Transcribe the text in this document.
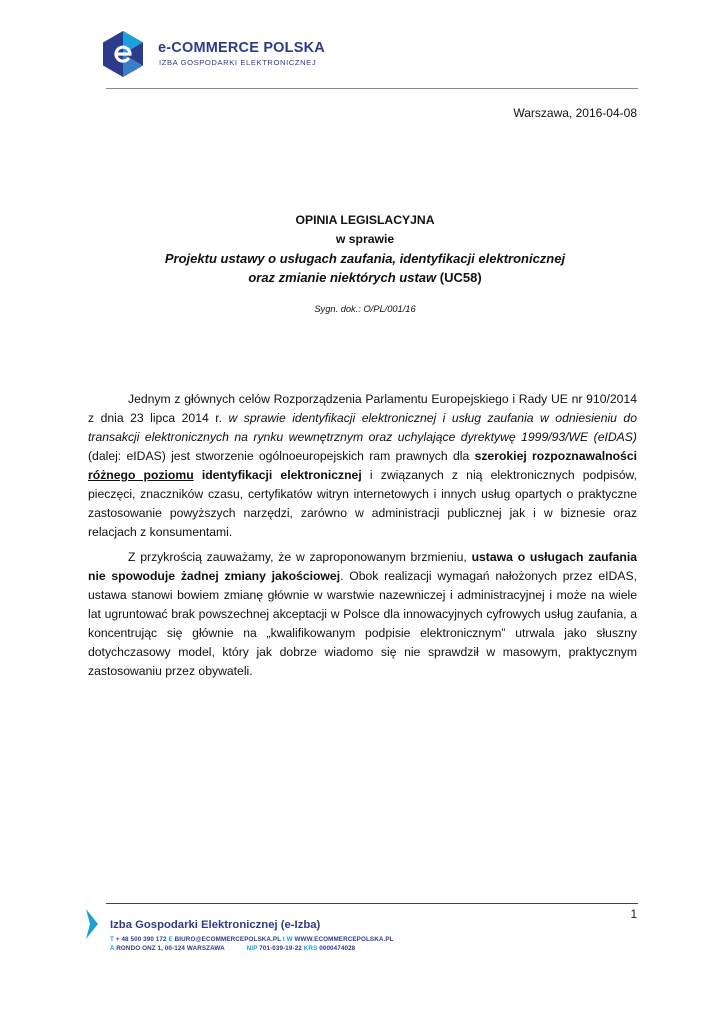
e-COMMERCE POLSKA
IZBA GOSPODARKI ELEKTRONICZNEJ
Warszawa, 2016-04-08
OPINIA LEGISLACYJNA
w sprawie
Projektu ustawy o usługach zaufania, identyfikacji elektronicznej
oraz zmianie niektórych ustaw (UC58)
Sygn. dok.: O/PL/001/16

Jednym z głównych celów Rozporządzenia Parlamentu Europejskiego i Rady UE nr 910/2014 z dnia 23 lipca 2014 r. w sprawie identyfikacji elektronicznej i usług zaufania w odniesieniu do transakcji elektronicznych na rynku wewnętrznym oraz uchylające dyrektywę 1999/93/WE (eIDAS) (dalej: eIDAS) jest stworzenie ogólnoeuropejskich ram prawnych dla szerokiej rozpoznawalności różnego poziomu identyfikacji elektronicznej i związanych z nią elektronicznych podpisów, pieczęci, znaczników czasu, certyfikatów witryn internetowych i innych usług opartych o praktyczne zastosowanie powyższych narzędzi, zarówno w administracji publicznej jak i w biznesie oraz relacjach z konsumentami.

Z przykrością zauważamy, że w zaproponowanym brzmieniu, ustawa o usługach zaufania nie spowoduje żadnej zmiany jakościowej. Obok realizacji wymagań nałożonych przez eIDAS, ustawa stanowi bowiem zmianę głównie w warstwie nazewniczej i administracyjnej i może na wiele lat ugruntować brak powszechnej akceptacji w Polsce dla innowacyjnych cyfrowych usług zaufania, a koncentrując się głównie na „kwalifikowanym podpisie elektronicznym” utrwala jako słuszny dotychczasowy model, który jak dobrze wiadomo się nie sprawdził w masowym, praktycznym zastosowaniu przez obywateli.

1
Izba Gospodarki Elektronicznej (e-Izba)
T + 48 500 390 172 E BIURO@ECOMMERCEPOLSKA.PL I W WWW.ECOMMERCEPOLSKA.PL
A RONDO ONZ 1, 00-124 WARSZAWA	NIP 701-039-19-22 KRS 0000474028
